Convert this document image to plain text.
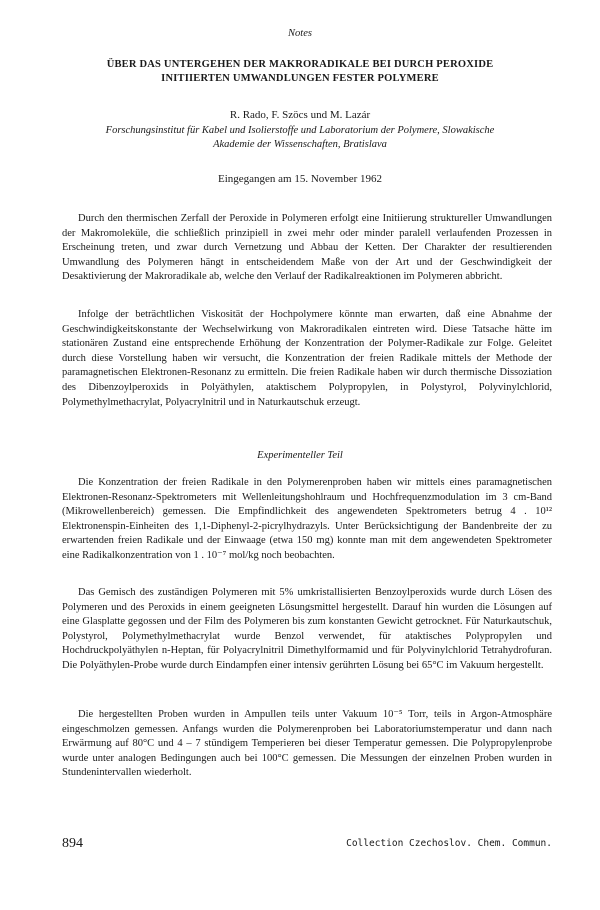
Notes
ÜBER DAS UNTERGEHEN DER MAKRORADIKALE BEI DURCH PEROXIDE
INITIIERTEN UMWANDLUNGEN FESTER POLYMERE
R. Rado, F. Szöcs und M. Lazár
Forschungsinstitut für Kabel und Isolierstoffe und Laboratorium der Polymere, Slowakische
Akademie der Wissenschaften, Bratislava
Eingegangen am 15. November 1962

Durch den thermischen Zerfall der Peroxide in Polymeren erfolgt eine Initiierung struktureller Umwandlungen der Makromoleküle, die schließlich prinzipiell in zwei mehr oder minder paralell verlaufenden Prozessen in Erscheinung treten, und zwar durch Vernetzung und Abbau der Ketten. Der Charakter der resultierenden Umwandlung des Polymeren hängt in entscheidendem Maße von der Art und der Geschwindigkeit der Desaktivierung der Makroradikale ab, welche den Verlauf der Radikalreaktionen im Polymeren abbricht.

Infolge der beträchtlichen Viskosität der Hochpolymere könnte man erwarten, daß eine Abnahme der Geschwindigkeitskonstante der Wechselwirkung von Makroradikalen eintreten wird. Diese Tatsache hätte im stationären Zustand eine entsprechende Erhöhung der Konzentration der Polymer-Radikale zur Folge. Geleitet durch diese Vorstellung haben wir versucht, die Konzentration der freien Radikale mittels der Methode der paramagnetischen Elektronen-Resonanz zu ermitteln. Die freien Radikale haben wir durch thermische Dissoziation des Dibenzoylperoxids in Polyäthylen, ataktischem Polypropylen, in Polystyrol, Polyvinylchlorid, Polymethylmethacrylat, Polyacrylnitril und in Naturkautschuk erzeugt.

Experimenteller Teil

Die Konzentration der freien Radikale in den Polymerenproben haben wir mittels eines paramagnetischen Elektronen-Resonanz-Spektrometers mit Wellenleitungshohlraum und Hochfrequenzmodulation im 3 cm-Band (Mikrowellenbereich) gemessen. Die Empfindlichkeit des angewendeten Spektrometers betrug 4 . 10¹² Elektronenspin-Einheiten des 1,1-Diphenyl-2-picrylhydrazyls. Unter Berücksichtigung der Bandenbreite der zu erwartenden freien Radikale und der Einwaage (etwa 150 mg) konnte man mit dem angewendeten Spektrometer eine Radikalkonzentration von 1 . 10⁻⁷ mol/kg noch beobachten.

Das Gemisch des zuständigen Polymeren mit 5% umkristallisierten Benzoylperoxids wurde durch Lösen des Polymeren und des Peroxids in einem geeigneten Lösungsmittel hergestellt. Darauf hin wurden die Lösungen auf eine Glasplatte gegossen und der Film des Polymeren bis zum konstanten Gewicht getrocknet. Für Naturkautschuk, Polystyrol, Polymethylmethacrylat wurde Benzol verwendet, für ataktisches Polypropylen und Hochdruckpolyäthylen n-Heptan, für Polyacrylnitril Dimethylformamid und für Polyvinylchlorid Tetrahydrofuran. Die Polyäthylen-Probe wurde durch Eindampfen einer intensiv gerührten Lösung bei 65°C im Vakuum hergestellt.

Die hergestellten Proben wurden in Ampullen teils unter Vakuum 10⁻⁵ Torr, teils in Argon-Atmosphäre eingeschmolzen gemessen. Anfangs wurden die Polymerenproben bei Laboratoriumstemperatur und dann nach Erwärmung auf 80°C und 4 – 7 stündigem Temperieren bei dieser Temperatur gemessen. Die Polypropylenprobe wurde unter analogen Bedingungen auch bei 100°C gemessen. Die Messungen der einzelnen Proben wurden in Stundenintervallen wiederholt.

894	Collection Czechoslov. Chem. Commun.
